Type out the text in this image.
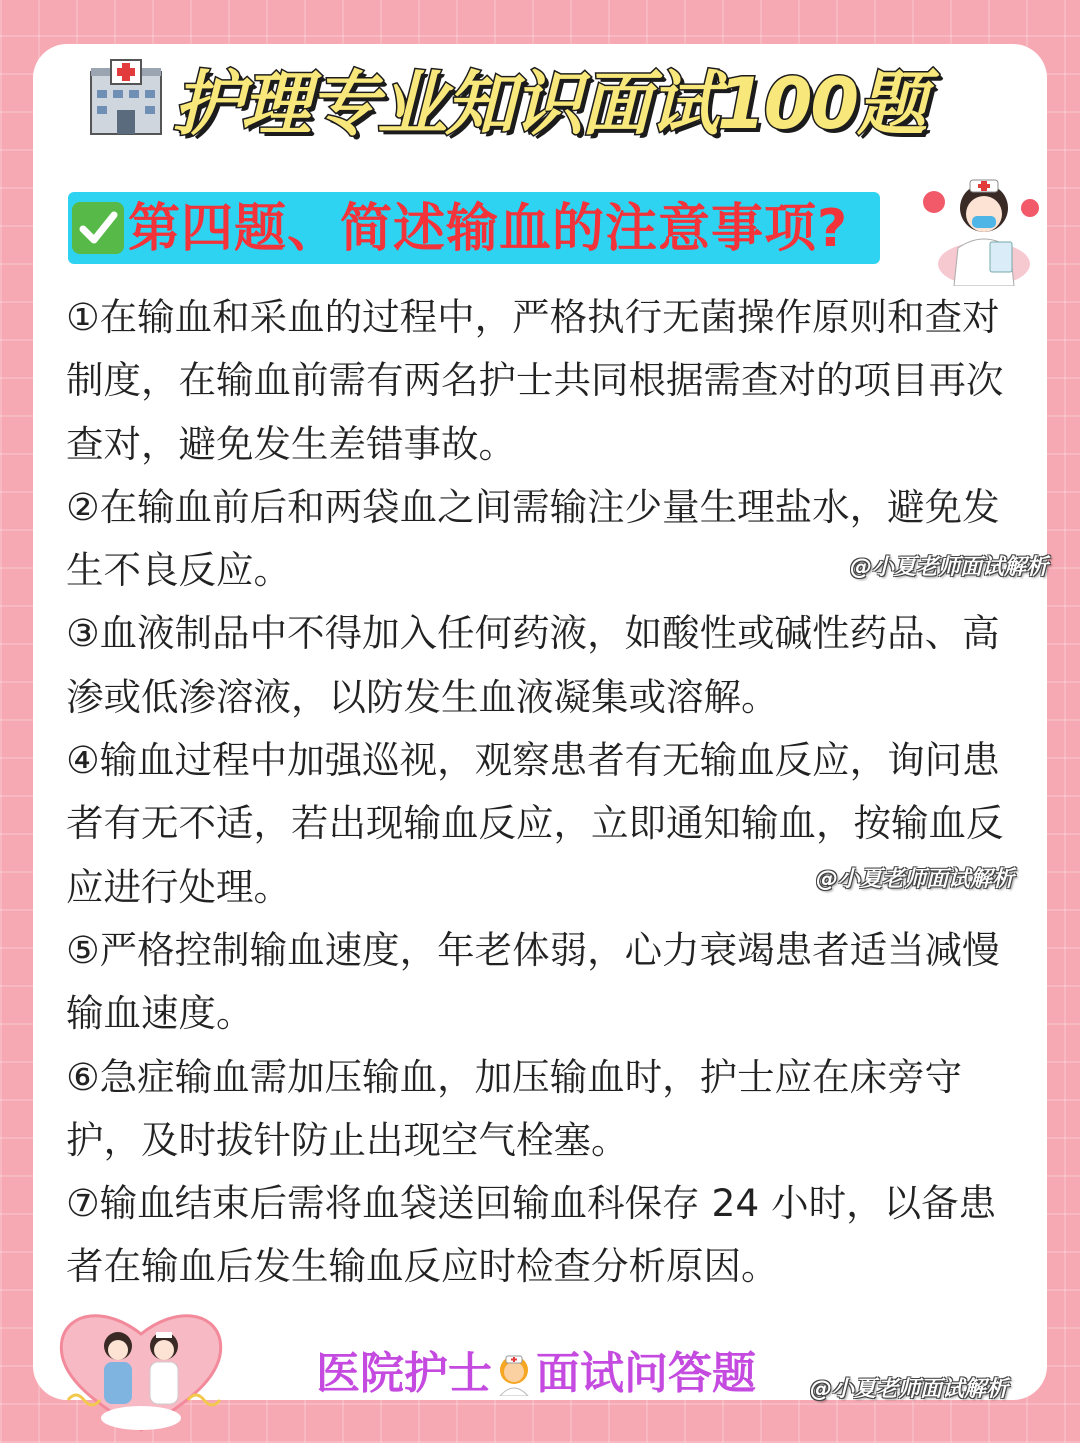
护理专业知识面试100题
第四题、简述输血的注意事项?

①在输血和采血的过程中，严格执行无菌操作原则和查对制度，在输血前需有两名护士共同根据需查对的项目再次查对，避免发生差错事故。

②在输血前后和两袋血之间需输注少量生理盐水，避免发生不良反应。

③血液制品中不得加入任何药液，如酸性或碱性药品、高渗或低渗溶液，以防发生血液凝集或溶解。

④输血过程中加强巡视，观察患者有无输血反应，询问患者有无不适，若出现输血反应，立即通知输血，按输血反应进行处理。

⑤严格控制输血速度，年老体弱，心力衰竭患者适当减慢输血速度。

⑥急症输血需加压输血，加压输血时，护士应在床旁守护，及时拔针防止出现空气栓塞。

⑦输血结束后需将血袋送回输血科保存 24 小时，以备患者在输血后发生输血反应时检查分析原因。

@小夏老师面试解析
@小夏老师面试解析
@小夏老师面试解析
医院护士 面试问答题
